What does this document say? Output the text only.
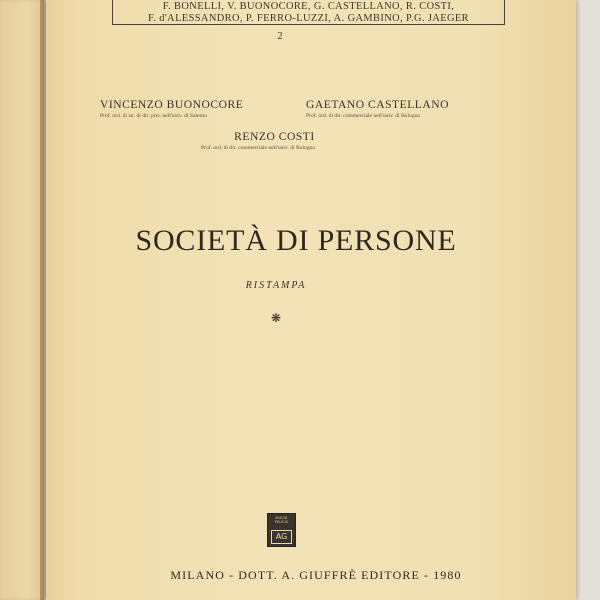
F. BONELLI, V. BUONOCORE, G. CASTELLANO, R. COSTI,
F. d'ALESSANDRO, P. FERRO-LUZZI, A. GAMBINO, P.G. JAEGER
2
VINCENZO BUONOCORE
Prof. ord. di ist. di dir. priv. nell'univ. di Salerno
GAETANO CASTELLANO
Prof. ord. di dir. commerciale nell'univ. di Bologna
RENZO COSTI
Prof. ord. di dir. commerciale nell'univ. di Bologna
SOCIETÀ DI PERSONE
RISTAMPA
❋
MULTA PAUCIS
AG
MILANO - DOTT. A. GIUFFRÈ EDITORE - 1980
